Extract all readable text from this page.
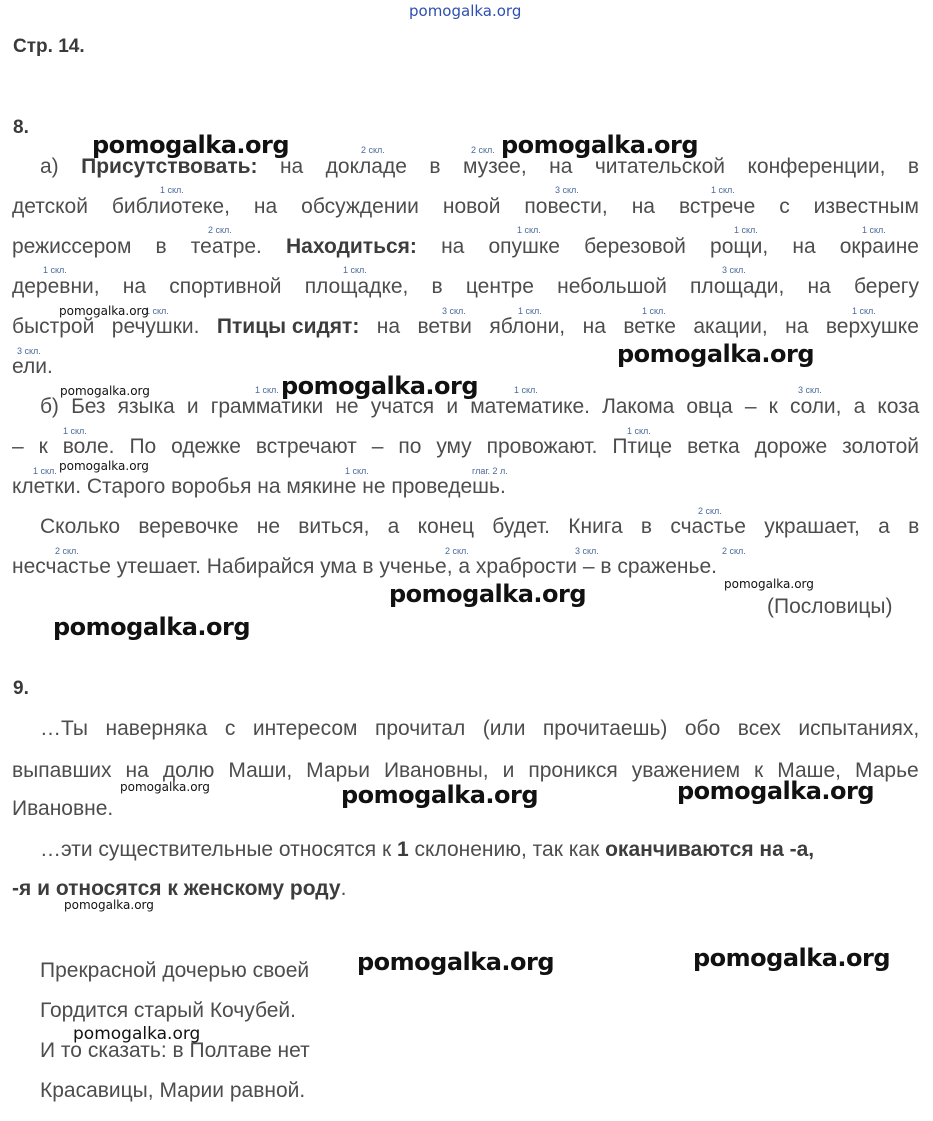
pomogalka.org
Стр. 14.
8.
а) Присутствовать: на докладе в музее, на читательской конференции, в
детской библиотеке, на обсуждении новой повести, на встрече с известным
режиссером в театре. Находиться: на опушке березовой рощи, на окраине
деревни, на спортивной площадке, в центре небольшой площади, на берегу
быстрой речушки. Птицы сидят: на ветви яблони, на ветке акации, на верхушке
ели.
б) Без языка и грамматики не учатся и математике. Лакома овца – к соли, а коза
– к воле. По одежке встречают – по уму провожают. Птице ветка дороже золотой
клетки. Старого воробья на мякине не проведешь.
Сколько веревочке не виться, а конец будет. Книга в счастье украшает, а в
несчастье утешает. Набирайся ума в ученье, а храбрости – в сраженье.
(Пословицы)
2 скл.	2 скл.
1 скл.	3 скл.	1 скл.
2 скл.	1 скл.	1 скл.	1 скл.
1 скл.	1 скл.	3 скл.
1 скл.	3 скл.	1 скл.	1 скл.	1 скл.
3 скл.
1 скл.	1 скл.	3 скл.
1 скл.	1 скл.
1 скл.	1 скл.	глаг. 2 л.
2 скл.
2 скл.	2 скл.	3 скл.	2 скл.
9.
…Ты наверняка с интересом прочитал (или прочитаешь) обо всех испытаниях,
выпавших на долю Маши, Марьи Ивановны, и проникся уважением к Маше, Марье
Ивановне.
…эти существительные относятся к 1 склонению, так как оканчиваются на -а,
-я и относятся к женскому роду.
Прекрасной дочерью своей
Гордится старый Кочубей.
И то сказать: в Полтаве нет
Красавицы, Марии равной.
pomogalka.org	pomogalka.org
pomogalka.org
pomogalka.org
pomogalka.org	pomogalka.org
pomogalka.org
pomogalka.org
pomogalka.org
pomogalka.org
pomogalka.org	pomogalka.org	pomogalka.org
pomogalka.org
pomogalka.org	pomogalka.org
pomogalka.org
